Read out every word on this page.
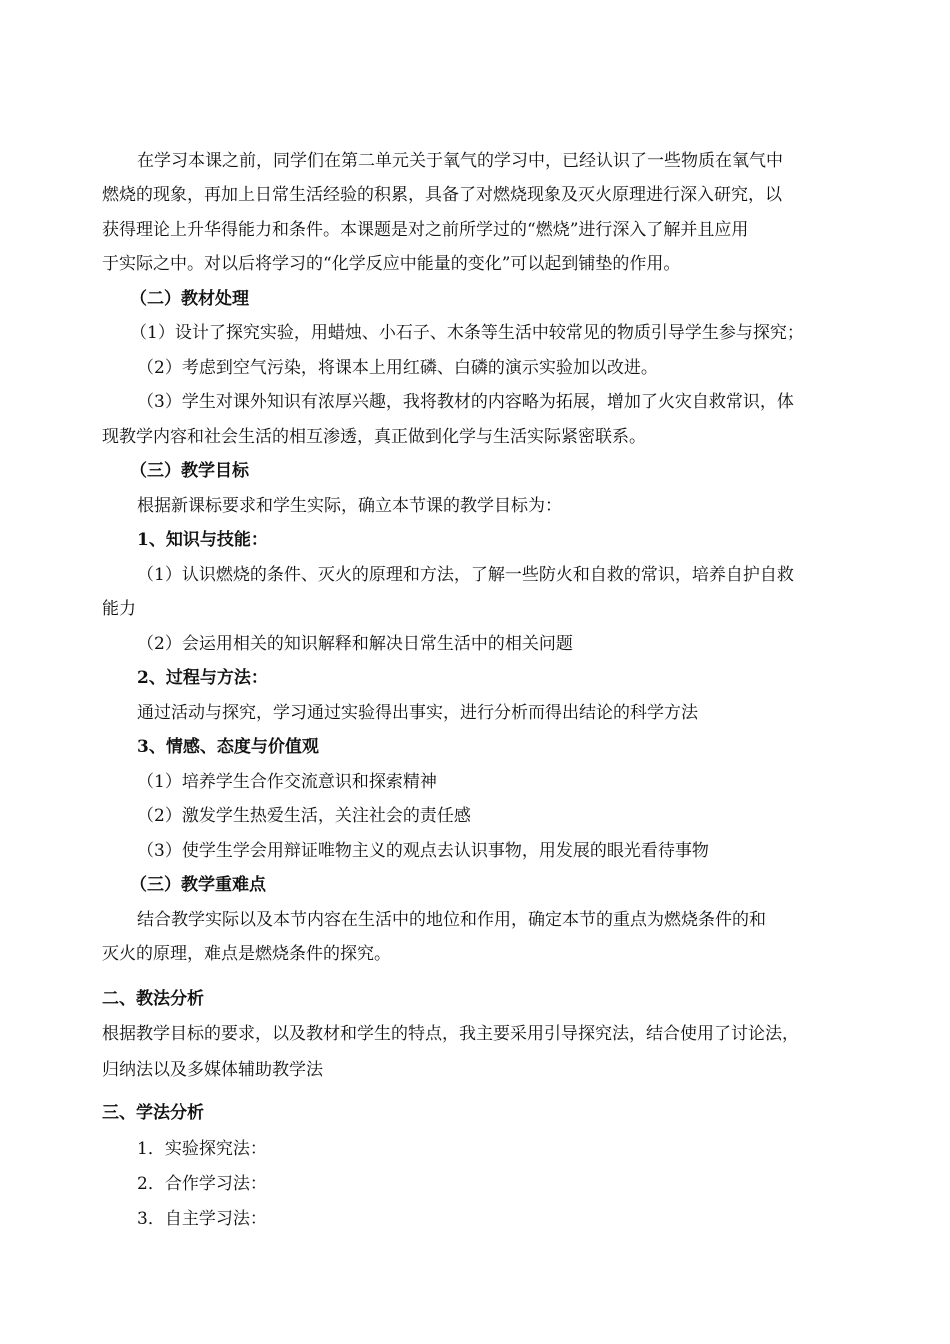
在学习本课之前，同学们在第二单元关于氧气的学习中，已经认识了一些物质在氧气中
燃烧的现象，再加上日常生活经验的积累，具备了对燃烧现象及灭火原理进行深入研究，以
获得理论上升华得能力和条件。本课题是对之前所学过的“燃烧”进行深入了解并且应用
于实际之中。对以后将学习的“化学反应中能量的变化”可以起到铺垫的作用。
（二）教材处理
（1）设计了探究实验，用蜡烛、小石子、木条等生活中较常见的物质引导学生参与探究；
（2）考虑到空气污染，将课本上用红磷、白磷的演示实验加以改进。
（3）学生对课外知识有浓厚兴趣，我将教材的内容略为拓展，增加了火灾自救常识，体
现教学内容和社会生活的相互渗透，真正做到化学与生活实际紧密联系。
（三）教学目标
根据新课标要求和学生实际，确立本节课的教学目标为：
1、知识与技能：
（1）认识燃烧的条件、灭火的原理和方法，了解一些防火和自救的常识，培养自护自救
能力
（2）会运用相关的知识解释和解决日常生活中的相关问题
2、过程与方法：
通过活动与探究，学习通过实验得出事实，进行分析而得出结论的科学方法
3、情感、态度与价值观
（1）培养学生合作交流意识和探索精神
（2）激发学生热爱生活，关注社会的责任感
（3）使学生学会用辩证唯物主义的观点去认识事物，用发展的眼光看待事物
（三）教学重难点
结合教学实际以及本节内容在生活中的地位和作用，确定本节的重点为燃烧条件的和
灭火的原理，难点是燃烧条件的探究。
二、教法分析
根据教学目标的要求，以及教材和学生的特点，我主要采用引导探究法，结合使用了讨论法，
归纳法以及多媒体辅助教学法
三、学法分析
1．实验探究法：
2．合作学习法：
3．自主学习法：
